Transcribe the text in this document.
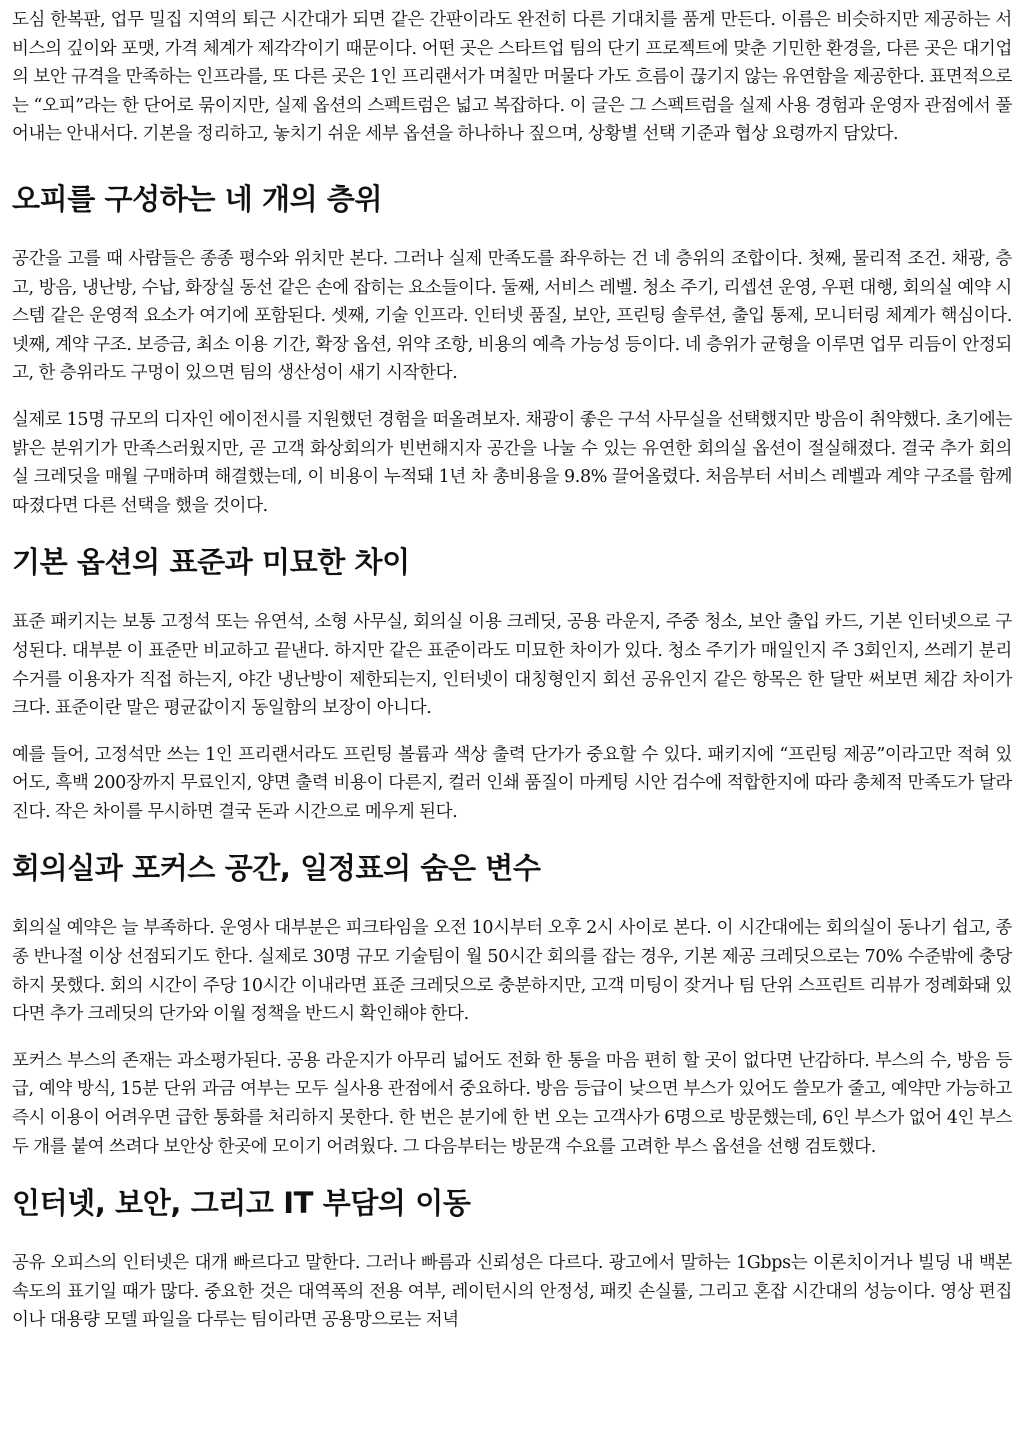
도심 한복판, 업무 밀집 지역의 퇴근 시간대가 되면 같은 간판이라도 완전히 다른 기대치를 품게 만든다. 이름은 비슷하지만 제공하는 서비스의 깊이와 포맷, 가격 체계가 제각각이기 때문이다. 어떤 곳은 스타트업 팀의 단기 프로젝트에 맞춘 기민한 환경을, 다른 곳은 대기업의 보안 규격을 만족하는 인프라를, 또 다른 곳은 1인 프리랜서가 며칠만 머물다 가도 흐름이 끊기지 않는 유연함을 제공한다. 표면적으로는 “오피”라는 한 단어로 묶이지만, 실제 옵션의 스펙트럼은 넓고 복잡하다. 이 글은 그 스펙트럼을 실제 사용 경험과 운영자 관점에서 풀어내는 안내서다. 기본을 정리하고, 놓치기 쉬운 세부 옵션을 하나하나 짚으며, 상황별 선택 기준과 협상 요령까지 담았다.

오피를 구성하는 네 개의 층위

공간을 고를 때 사람들은 종종 평수와 위치만 본다. 그러나 실제 만족도를 좌우하는 건 네 층위의 조합이다. 첫째, 물리적 조건. 채광, 층고, 방음, 냉난방, 수납, 화장실 동선 같은 손에 잡히는 요소들이다. 둘째, 서비스 레벨. 청소 주기, 리셉션 운영, 우편 대행, 회의실 예약 시스템 같은 운영적 요소가 여기에 포함된다. 셋째, 기술 인프라. 인터넷 품질, 보안, 프린팅 솔루션, 출입 통제, 모니터링 체계가 핵심이다. 넷째, 계약 구조. 보증금, 최소 이용 기간, 확장 옵션, 위약 조항, 비용의 예측 가능성 등이다. 네 층위가 균형을 이루면 업무 리듬이 안정되고, 한 층위라도 구멍이 있으면 팀의 생산성이 새기 시작한다.

실제로 15명 규모의 디자인 에이전시를 지원했던 경험을 떠올려보자. 채광이 좋은 구석 사무실을 선택했지만 방음이 취약했다. 초기에는 밝은 분위기가 만족스러웠지만, 곧 고객 화상회의가 빈번해지자 공간을 나눌 수 있는 유연한 회의실 옵션이 절실해졌다. 결국 추가 회의실 크레딧을 매월 구매하며 해결했는데, 이 비용이 누적돼 1년 차 총비용을 9.8% 끌어올렸다. 처음부터 서비스 레벨과 계약 구조를 함께 따졌다면 다른 선택을 했을 것이다.

기본 옵션의 표준과 미묘한 차이

표준 패키지는 보통 고정석 또는 유연석, 소형 사무실, 회의실 이용 크레딧, 공용 라운지, 주중 청소, 보안 출입 카드, 기본 인터넷으로 구성된다. 대부분 이 표준만 비교하고 끝낸다. 하지만 같은 표준이라도 미묘한 차이가 있다. 청소 주기가 매일인지 주 3회인지, 쓰레기 분리수거를 이용자가 직접 하는지, 야간 냉난방이 제한되는지, 인터넷이 대칭형인지 회선 공유인지 같은 항목은 한 달만 써보면 체감 차이가 크다. 표준이란 말은 평균값이지 동일함의 보장이 아니다.

예를 들어, 고정석만 쓰는 1인 프리랜서라도 프린팅 볼륨과 색상 출력 단가가 중요할 수 있다. 패키지에 “프린팅 제공”이라고만 적혀 있어도, 흑백 200장까지 무료인지, 양면 출력 비용이 다른지, 컬러 인쇄 품질이 마케팅 시안 검수에 적합한지에 따라 총체적 만족도가 달라진다. 작은 차이를 무시하면 결국 돈과 시간으로 메우게 된다.

회의실과 포커스 공간, 일정표의 숨은 변수

회의실 예약은 늘 부족하다. 운영사 대부분은 피크타임을 오전 10시부터 오후 2시 사이로 본다. 이 시간대에는 회의실이 동나기 쉽고, 종종 반나절 이상 선점되기도 한다. 실제로 30명 규모 기술팀이 월 50시간 회의를 잡는 경우, 기본 제공 크레딧으로는 70% 수준밖에 충당하지 못했다. 회의 시간이 주당 10시간 이내라면 표준 크레딧으로 충분하지만, 고객 미팅이 잦거나 팀 단위 스프린트 리뷰가 정례화돼 있다면 추가 크레딧의 단가와 이월 정책을 반드시 확인해야 한다.

포커스 부스의 존재는 과소평가된다. 공용 라운지가 아무리 넓어도 전화 한 통을 마음 편히 할 곳이 없다면 난감하다. 부스의 수, 방음 등급, 예약 방식, 15분 단위 과금 여부는 모두 실사용 관점에서 중요하다. 방음 등급이 낮으면 부스가 있어도 쓸모가 줄고, 예약만 가능하고 즉시 이용이 어려우면 급한 통화를 처리하지 못한다. 한 번은 분기에 한 번 오는 고객사가 6명으로 방문했는데, 6인 부스가 없어 4인 부스 두 개를 붙여 쓰려다 보안상 한곳에 모이기 어려웠다. 그 다음부터는 방문객 수요를 고려한 부스 옵션을 선행 검토했다.

인터넷, 보안, 그리고 IT 부담의 이동

공유 오피스의 인터넷은 대개 빠르다고 말한다. 그러나 빠름과 신뢰성은 다르다. 광고에서 말하는 1Gbps는 이론치이거나 빌딩 내 백본 속도의 표기일 때가 많다. 중요한 것은 대역폭의 전용 여부, 레이턴시의 안정성, 패킷 손실률, 그리고 혼잡 시간대의 성능이다. 영상 편집이나 대용량 모델 파일을 다루는 팀이라면 공용망으로는 저녁
